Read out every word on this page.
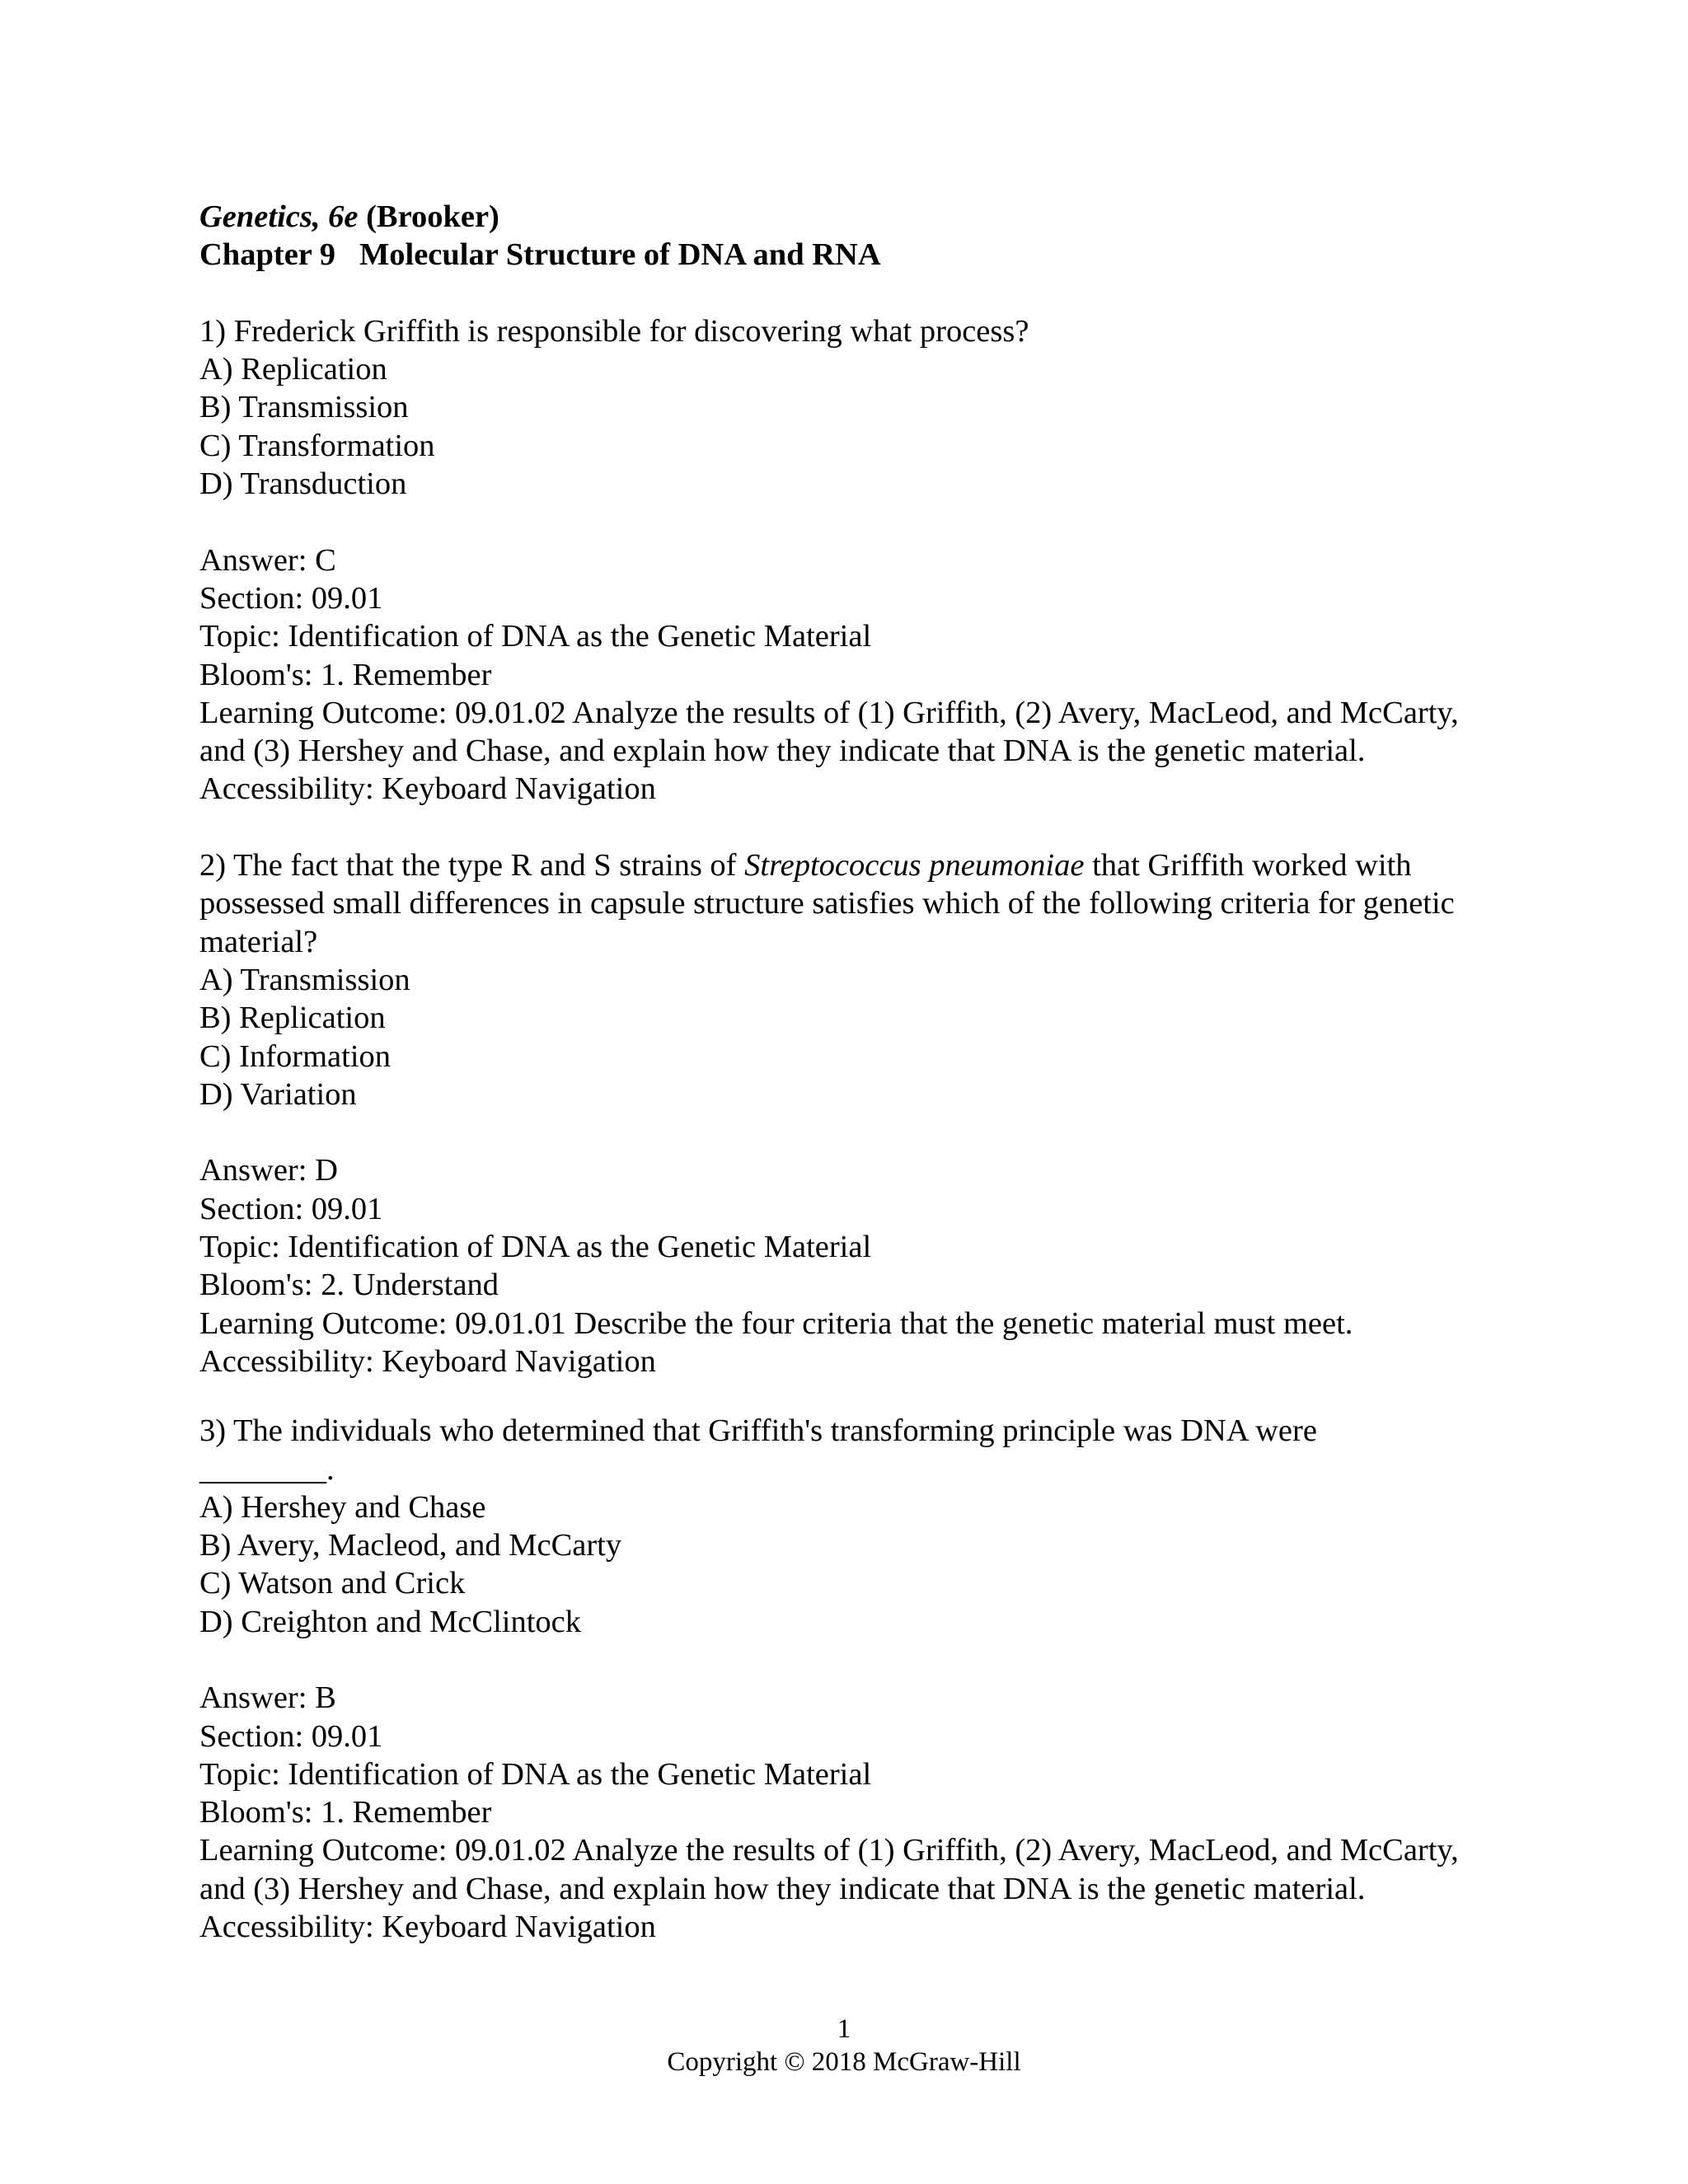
Genetics, 6e (Brooker)
Chapter 9 Molecular Structure of DNA and RNA
1) Frederick Griffith is responsible for discovering what process?
A) Replication
B) Transmission
C) Transformation
D) Transduction
Answer: C
Section: 09.01
Topic: Identification of DNA as the Genetic Material
Bloom's: 1. Remember
Learning Outcome: 09.01.02 Analyze the results of (1) Griffith, (2) Avery, MacLeod, and McCarty, and (3) Hershey and Chase, and explain how they indicate that DNA is the genetic material.
Accessibility: Keyboard Navigation
2) The fact that the type R and S strains of Streptococcus pneumoniae that Griffith worked with possessed small differences in capsule structure satisfies which of the following criteria for genetic material?
A) Transmission
B) Replication
C) Information
D) Variation
Answer: D
Section: 09.01
Topic: Identification of DNA as the Genetic Material
Bloom's: 2. Understand
Learning Outcome: 09.01.01 Describe the four criteria that the genetic material must meet.
Accessibility: Keyboard Navigation
3) The individuals who determined that Griffith's transforming principle was DNA were
________.
A) Hershey and Chase
B) Avery, Macleod, and McCarty
C) Watson and Crick
D) Creighton and McClintock
Answer: B
Section: 09.01
Topic: Identification of DNA as the Genetic Material
Bloom's: 1. Remember
Learning Outcome: 09.01.02 Analyze the results of (1) Griffith, (2) Avery, MacLeod, and McCarty, and (3) Hershey and Chase, and explain how they indicate that DNA is the genetic material.
Accessibility: Keyboard Navigation
1
Copyright © 2018 McGraw-Hill
